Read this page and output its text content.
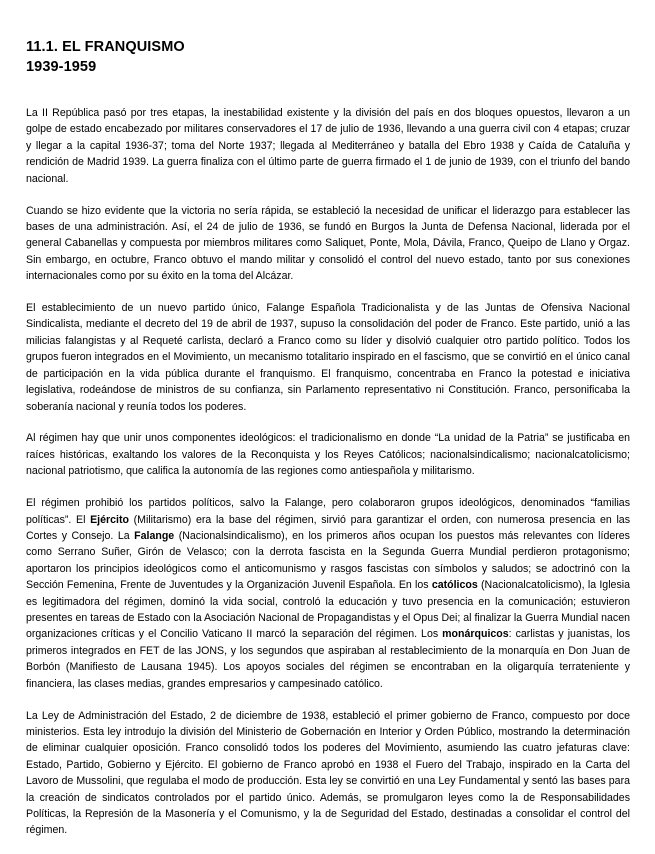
11.1. EL FRANQUISMO
1939-1959

La II República pasó por tres etapas, la inestabilidad existente y la división del país en dos bloques opuestos, llevaron a un golpe de estado encabezado por militares conservadores el 17 de julio de 1936, llevando a una guerra civil con 4 etapas; cruzar y llegar a la capital 1936-37; toma del Norte 1937; llegada al Mediterráneo y batalla del Ebro 1938 y Caída de Cataluña y rendición de Madrid 1939. La guerra finaliza con el último parte de guerra firmado el 1 de junio de 1939, con el triunfo del bando nacional.

Cuando se hizo evidente que la victoria no sería rápida, se estableció la necesidad de unificar el liderazgo para establecer las bases de una administración. Así, el 24 de julio de 1936, se fundó en Burgos la Junta de Defensa Nacional, liderada por el general Cabanellas y compuesta por miembros militares como Saliquet, Ponte, Mola, Dávila, Franco, Queipo de Llano y Orgaz. Sin embargo, en octubre, Franco obtuvo el mando militar y consolidó el control del nuevo estado, tanto por sus conexiones internacionales como por su éxito en la toma del Alcázar.

El establecimiento de un nuevo partido único, Falange Española Tradicionalista y de las Juntas de Ofensiva Nacional Sindicalista, mediante el decreto del 19 de abril de 1937, supuso la consolidación del poder de Franco. Este partido, unió a las milicias falangistas y al Requeté carlista, declaró a Franco como su líder y disolvió cualquier otro partido político. Todos los grupos fueron integrados en el Movimiento, un mecanismo totalitario inspirado en el fascismo, que se convirtió en el único canal de participación en la vida pública durante el franquismo. El franquismo, concentraba en Franco la potestad e iniciativa legislativa, rodeándose de ministros de su confianza, sin Parlamento representativo ni Constitución. Franco, personificaba la soberanía nacional y reunía todos los poderes.

Al régimen hay que unir unos componentes ideológicos: el tradicionalismo en donde “La unidad de la Patria” se justificaba en raíces históricas, exaltando los valores de la Reconquista y los Reyes Católicos; nacionalsindicalismo; nacionalcatolicismo; nacional patriotismo, que califica la autonomía de las regiones como antiespañola y militarismo.

El régimen prohibió los partidos políticos, salvo la Falange, pero colaboraron grupos ideológicos, denominados “familias políticas”. El Ejército (Militarismo) era la base del régimen, sirvió para garantizar el orden, con numerosa presencia en las Cortes y Consejo. La Falange (Nacionalsindicalismo), en los primeros años ocupan los puestos más relevantes con líderes como Serrano Suñer, Girón de Velasco; con la derrota fascista en la Segunda Guerra Mundial perdieron protagonismo; aportaron los principios ideológicos como el anticomunismo y rasgos fascistas con símbolos y saludos; se adoctrinó con la Sección Femenina, Frente de Juventudes y la Organización Juvenil Española. En los católicos (Nacionalcatolicismo), la Iglesia es legitimadora del régimen, dominó la vida social, controló la educación y tuvo presencia en la comunicación; estuvieron presentes en tareas de Estado con la Asociación Nacional de Propagandistas y el Opus Dei; al finalizar la Guerra Mundial nacen organizaciones críticas y el Concilio Vaticano II marcó la separación del régimen. Los monárquicos: carlistas y juanistas, los primeros integrados en FET de las JONS, y los segundos que aspiraban al restablecimiento de la monarquía en Don Juan de Borbón (Manifiesto de Lausana 1945). Los apoyos sociales del régimen se encontraban en la oligarquía terrateniente y financiera, las clases medias, grandes empresarios y campesinado católico.

La Ley de Administración del Estado, 2 de diciembre de 1938, estableció el primer gobierno de Franco, compuesto por doce ministerios. Esta ley introdujo la división del Ministerio de Gobernación en Interior y Orden Público, mostrando la determinación de eliminar cualquier oposición. Franco consolidó todos los poderes del Movimiento, asumiendo las cuatro jefaturas clave: Estado, Partido, Gobierno y Ejército. El gobierno de Franco aprobó en 1938 el Fuero del Trabajo, inspirado en la Carta del Lavoro de Mussolini, que regulaba el modo de producción. Esta ley se convirtió en una Ley Fundamental y sentó las bases para la creación de sindicatos controlados por el partido único. Además, se promulgaron leyes como la de Responsabilidades Políticas, la Represión de la Masonería y el Comunismo, y la de Seguridad del Estado, destinadas a consolidar el control del régimen.
